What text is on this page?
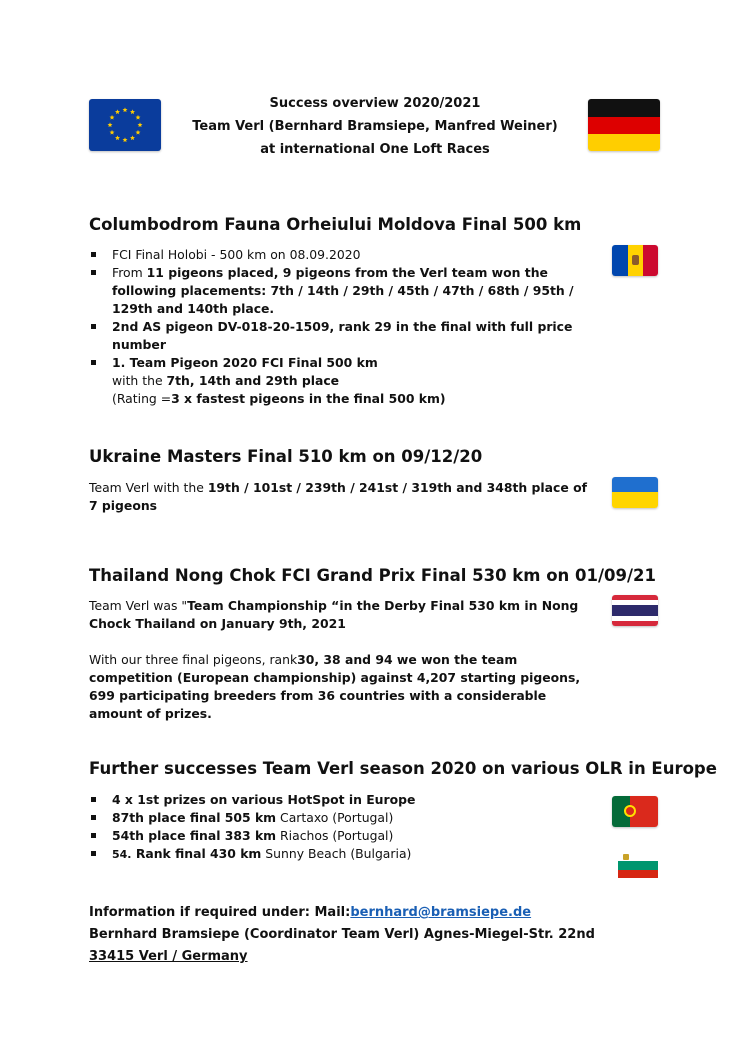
Success overview 2020/2021
Team Verl (Bernhard Bramsiepe, Manfred Weiner)
at international One Loft Races
Columbodrom Fauna Orheiului Moldova Final 500 km
FCI Final Holobi - 500 km on 08.09.2020
From 11 pigeons placed, 9 pigeons from the Verl team won the following placements: 7th / 14th / 29th / 45th / 47th / 68th / 95th / 129th and 140th place.
2nd AS pigeon DV-018-20-1509, rank 29 in the final with full price number
1. Team Pigeon 2020 FCI Final 500 km
with the 7th, 14th and 29th place
(Rating =3 x fastest pigeons in the final 500 km)
Ukraine Masters Final 510 km on 09/12/20
Team Verl with the 19th / 101st / 239th / 241st / 319th and 348th place of 7 pigeons
Thailand Nong Chok FCI Grand Prix Final 530 km on 01/09/21
Team Verl was "Team Championship “in the Derby Final 530 km in Nong Chock Thailand on January 9th, 2021
With our three final pigeons, rank30, 38 and 94 we won the team competition (European championship) against 4,207 starting pigeons, 699 participating breeders from 36 countries with a considerable amount of prizes.
Further successes Team Verl season 2020 on various OLR in Europe
4 x 1st prizes on various HotSpot in Europe
87th place final 505 km Cartaxo (Portugal)
54th place final 383 km Riachos (Portugal)
54. Rank final 430 km Sunny Beach (Bulgaria)
Information if required under: Mail:bernhard@bramsiepe.de
Bernhard Bramsiepe (Coordinator Team Verl) Agnes-Miegel-Str. 22nd
33415 Verl / Germany
